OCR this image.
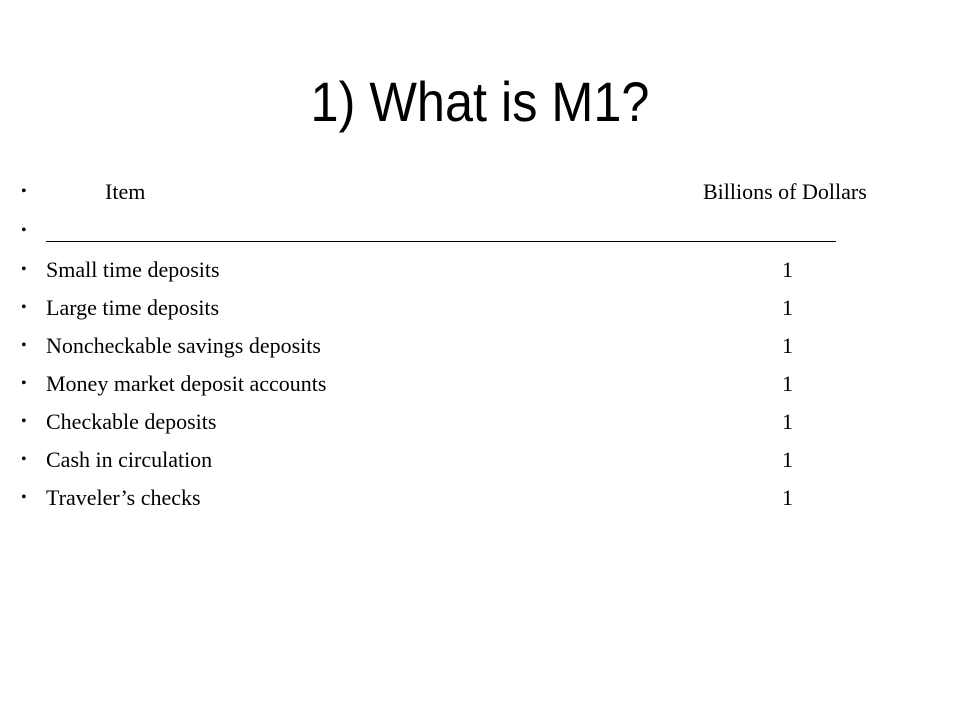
1) What is M1?
•	Item	Billions of Dollars
•
• Small time deposits	1
• Large time deposits	1
• Noncheckable savings deposits	1
• Money market deposit accounts	1
• Checkable deposits	1
• Cash in circulation	1
• Traveler’s checks	1
